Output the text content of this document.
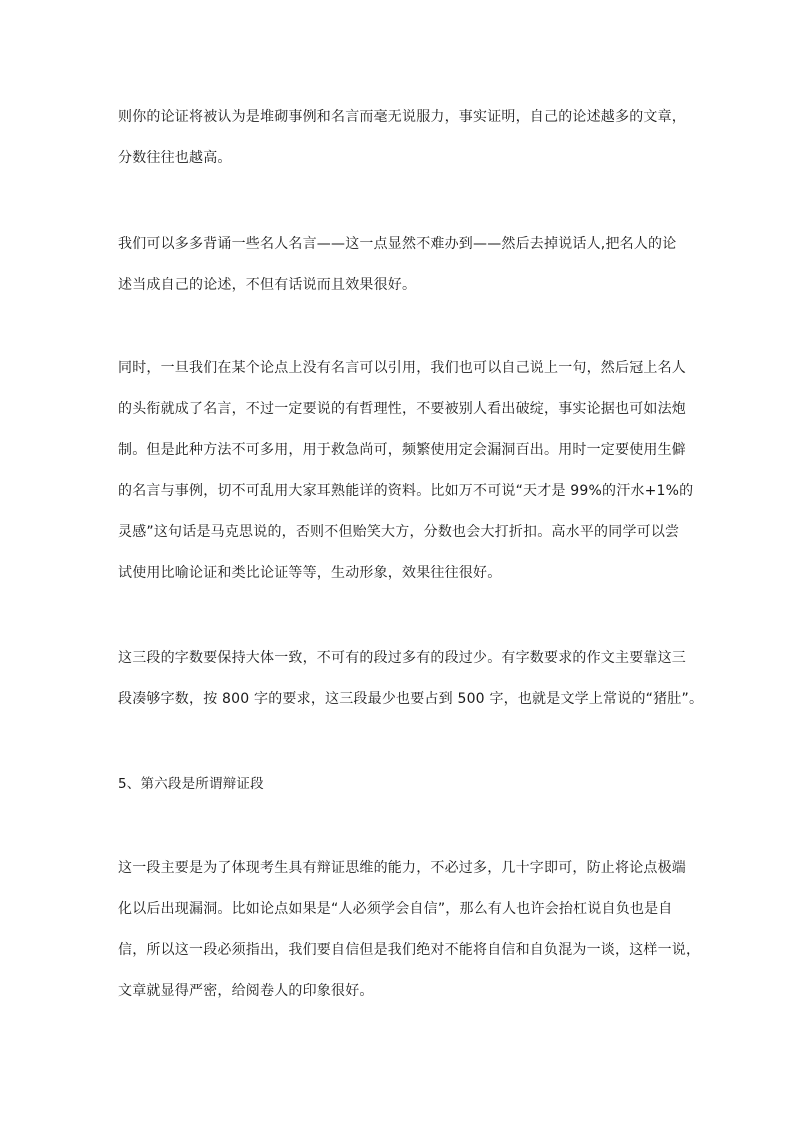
则你的论证将被认为是堆砌事例和名言而毫无说服力，事实证明，自己的论述越多的文章，
分数往往也越高。
我们可以多多背诵一些名人名言——这一点显然不难办到——然后去掉说话人,把名人的论
述当成自己的论述，不但有话说而且效果很好。
同时，一旦我们在某个论点上没有名言可以引用，我们也可以自己说上一句，然后冠上名人
的头衔就成了名言，不过一定要说的有哲理性，不要被别人看出破绽，事实论据也可如法炮
制。但是此种方法不可多用，用于救急尚可，频繁使用定会漏洞百出。用时一定要使用生僻
的名言与事例，切不可乱用大家耳熟能详的资料。比如万不可说“天才是 99%的汗水+1%的
灵感”这句话是马克思说的，否则不但贻笑大方，分数也会大打折扣。高水平的同学可以尝
试使用比喻论证和类比论证等等，生动形象，效果往往很好。
这三段的字数要保持大体一致，不可有的段过多有的段过少。有字数要求的作文主要靠这三
段凑够字数，按 800 字的要求，这三段最少也要占到 500 字，也就是文学上常说的“猪肚”。
5、第六段是所谓辩证段
这一段主要是为了体现考生具有辩证思维的能力，不必过多，几十字即可，防止将论点极端
化以后出现漏洞。比如论点如果是“人必须学会自信”，那么有人也许会抬杠说自负也是自
信，所以这一段必须指出，我们要自信但是我们绝对不能将自信和自负混为一谈，这样一说，
文章就显得严密，给阅卷人的印象很好。
